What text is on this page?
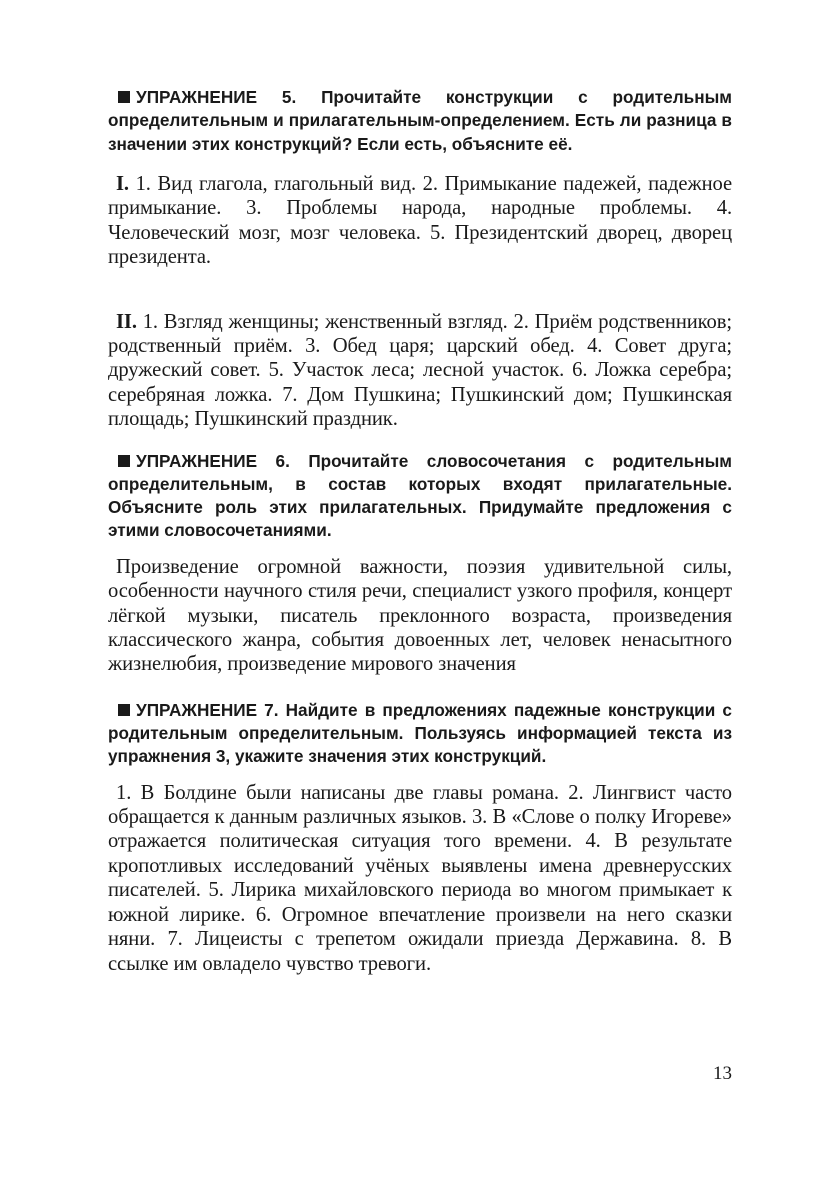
УПРАЖНЕНИЕ 5. Прочитайте конструкции с родительным определительным и прилагательным-определением. Есть ли разница в значении этих конструкций? Если есть, объясните её.

I. 1. Вид глагола, глагольный вид. 2. Примыкание падежей, падежное примыкание. 3. Проблемы народа, народные проблемы. 4. Человеческий мозг, мозг человека. 5. Президентский дворец, дворец президента.

II. 1. Взгляд женщины; женственный взгляд. 2. Приём родственников; родственный приём. 3. Обед царя; царский обед. 4. Совет друга; дружеский совет. 5. Участок леса; лесной участок. 6. Ложка серебра; серебряная ложка. 7. Дом Пушкина; Пушкинский дом; Пушкинская площадь; Пушкинский праздник.

УПРАЖНЕНИЕ 6. Прочитайте словосочетания с родительным определительным, в состав которых входят прилагательные. Объясните роль этих прилагательных. Придумайте предложения с этими словосочетаниями.

Произведение огромной важности, поэзия удивительной силы, особенности научного стиля речи, специалист узкого профиля, концерт лёгкой музыки, писатель преклонного возраста, произведения классического жанра, события довоенных лет, человек ненасытного жизнелюбия, произведение мирового значения

УПРАЖНЕНИЕ 7. Найдите в предложениях падежные конструкции с родительным определительным. Пользуясь информацией текста из упражнения 3, укажите значения этих конструкций.

1. В Болдине были написаны две главы романа. 2. Лингвист часто обращается к данным различных языков. 3. В «Слове о полку Игореве» отражается политическая ситуация того времени. 4. В результате кропотливых исследований учёных выявлены имена древнерусских писателей. 5. Лирика михайловского периода во многом примыкает к южной лирике. 6. Огромное впечатление произвели на него сказки няни. 7. Лицеисты с трепетом ожидали приезда Державина. 8. В ссылке им овладело чувство тревоги.

13
